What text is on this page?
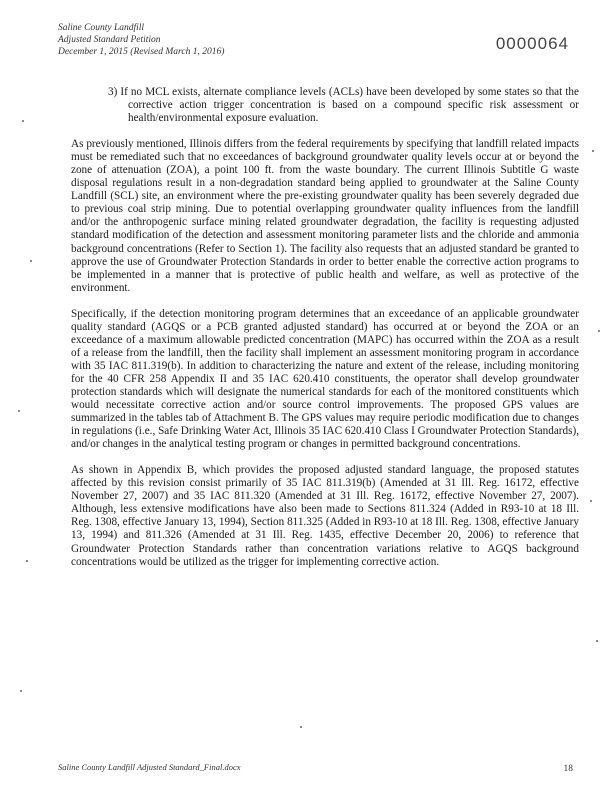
Saline County Landfill
Adjusted Standard Petition
December 1, 2015 (Revised March 1, 2016)	0000064

3) If no MCL exists, alternate compliance levels (ACLs) have been developed by some states so that the corrective action trigger concentration is based on a compound specific risk assessment or health/environmental exposure evaluation.

As previously mentioned, Illinois differs from the federal requirements by specifying that landfill related impacts must be remediated such that no exceedances of background groundwater quality levels occur at or beyond the zone of attenuation (ZOA), a point 100 ft. from the waste boundary. The current Illinois Subtitle G waste disposal regulations result in a non-degradation standard being applied to groundwater at the Saline County Landfill (SCL) site, an environment where the pre-existing groundwater quality has been severely degraded due to previous coal strip mining. Due to potential overlapping groundwater quality influences from the landfill and/or the anthropogenic surface mining related groundwater degradation, the facility is requesting adjusted standard modification of the detection and assessment monitoring parameter lists and the chloride and ammonia background concentrations (Refer to Section 1). The facility also requests that an adjusted standard be granted to approve the use of Groundwater Protection Standards in order to better enable the corrective action programs to be implemented in a manner that is protective of public health and welfare, as well as protective of the environment.

Specifically, if the detection monitoring program determines that an exceedance of an applicable groundwater quality standard (AGQS or a PCB granted adjusted standard) has occurred at or beyond the ZOA or an exceedance of a maximum allowable predicted concentration (MAPC) has occurred within the ZOA as a result of a release from the landfill, then the facility shall implement an assessment monitoring program in accordance with 35 IAC 811.319(b). In addition to characterizing the nature and extent of the release, including monitoring for the 40 CFR 258 Appendix II and 35 IAC 620.410 constituents, the operator shall develop groundwater protection standards which will designate the numerical standards for each of the monitored constituents which would necessitate corrective action and/or source control improvements. The proposed GPS values are summarized in the tables tab of Attachment B. The GPS values may require periodic modification due to changes in regulations (i.e., Safe Drinking Water Act, Illinois 35 IAC 620.410 Class I Groundwater Protection Standards), and/or changes in the analytical testing program or changes in permitted background concentrations.

As shown in Appendix B, which provides the proposed adjusted standard language, the proposed statutes affected by this revision consist primarily of 35 IAC 811.319(b) (Amended at 31 Ill. Reg. 16172, effective November 27, 2007) and 35 IAC 811.320 (Amended at 31 Ill. Reg. 16172, effective November 27, 2007). Although, less extensive modifications have also been made to Sections 811.324 (Added in R93-10 at 18 Ill. Reg. 1308, effective January 13, 1994), Section 811.325 (Added in R93-10 at 18 Ill. Reg. 1308, effective January 13, 1994) and 811.326 (Amended at 31 Ill. Reg. 1435, effective December 20, 2006) to reference that Groundwater Protection Standards rather than concentration variations relative to AGQS background concentrations would be utilized as the trigger for implementing corrective action.

Saline County Landfill Adjusted Standard_Final.docx	18
